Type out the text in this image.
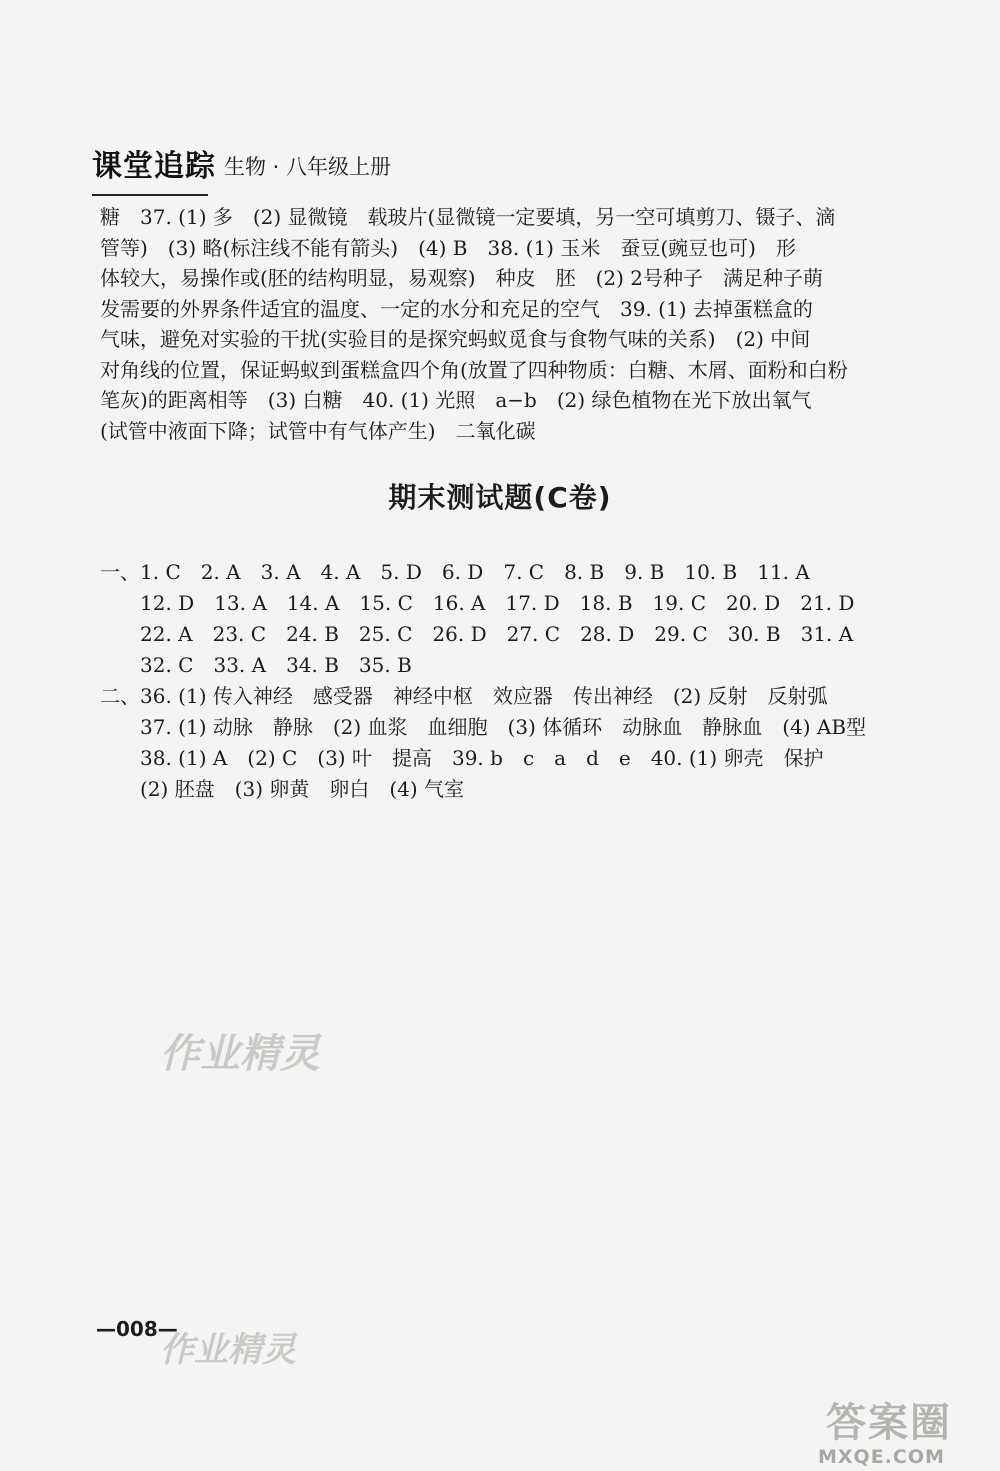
课堂追踪 生物 · 八年级上册

糖　37. (1) 多　(2) 显微镜　载玻片(显微镜一定要填，另一空可填剪刀、镊子、滴

管等)　(3) 略(标注线不能有箭头)　(4) B　38. (1) 玉米　蚕豆(豌豆也可)　形

体较大，易操作或(胚的结构明显，易观察)　种皮　胚　(2) 2号种子　满足种子萌

发需要的外界条件适宜的温度、一定的水分和充足的空气　39. (1) 去掉蛋糕盒的

气味，避免对实验的干扰(实验目的是探究蚂蚁觅食与食物气味的关系)　(2) 中间

对角线的位置，保证蚂蚁到蛋糕盒四个角(放置了四种物质：白糖、木屑、面粉和白粉

笔灰)的距离相等　(3) 白糖　40. (1) 光照　a−b　(2) 绿色植物在光下放出氧气

(试管中液面下降；试管中有气体产生)　二氧化碳

期末测试题(C卷)

一、1. C　2. A　3. A　4. A　5. D　6. D　7. C　8. B　9. B　10. B　11. A

　　12. D　13. A　14. A　15. C　16. A　17. D　18. B　19. C　20. D　21. D

　　22. A　23. C　24. B　25. C　26. D　27. C　28. D　29. C　30. B　31. A

　　32. C　33. A　34. B　35. B

二、36. (1) 传入神经　感受器　神经中枢　效应器　传出神经　(2) 反射　反射弧

　　37. (1) 动脉　静脉　(2) 血浆　血细胞　(3) 体循环　动脉血　静脉血　(4) AB型

　　38. (1) A　(2) C　(3) 叶　提高　39. b　c　a　d　e　40. (1) 卵壳　保护

　　(2) 胚盘　(3) 卵黄　卵白　(4) 气室

作业精灵
作业精灵
—008—
答案圈
MXQE.COM
